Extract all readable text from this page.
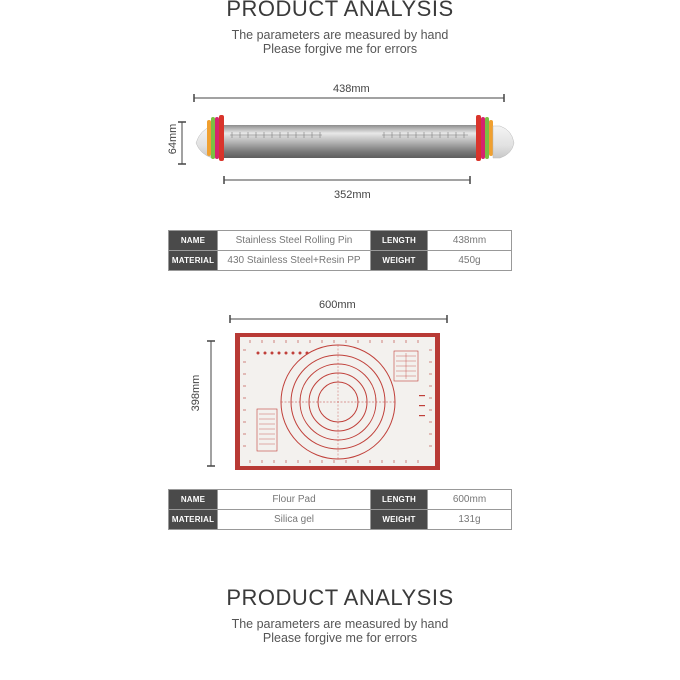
PRODUCT ANALYSIS
The parameters are measured by hand
Please forgive me for errors
438mm
352mm
64mm
NAME	Stainless Steel Rolling Pin	LENGTH	438mm
MATERIAL	430 Stainless Steel+Resin PP	WEIGHT	450g
600mm
398mm
NAME	Flour Pad	LENGTH	600mm
MATERIAL	Silica gel	WEIGHT	131g
PRODUCT ANALYSIS
The parameters are measured by hand
Please forgive me for errors
